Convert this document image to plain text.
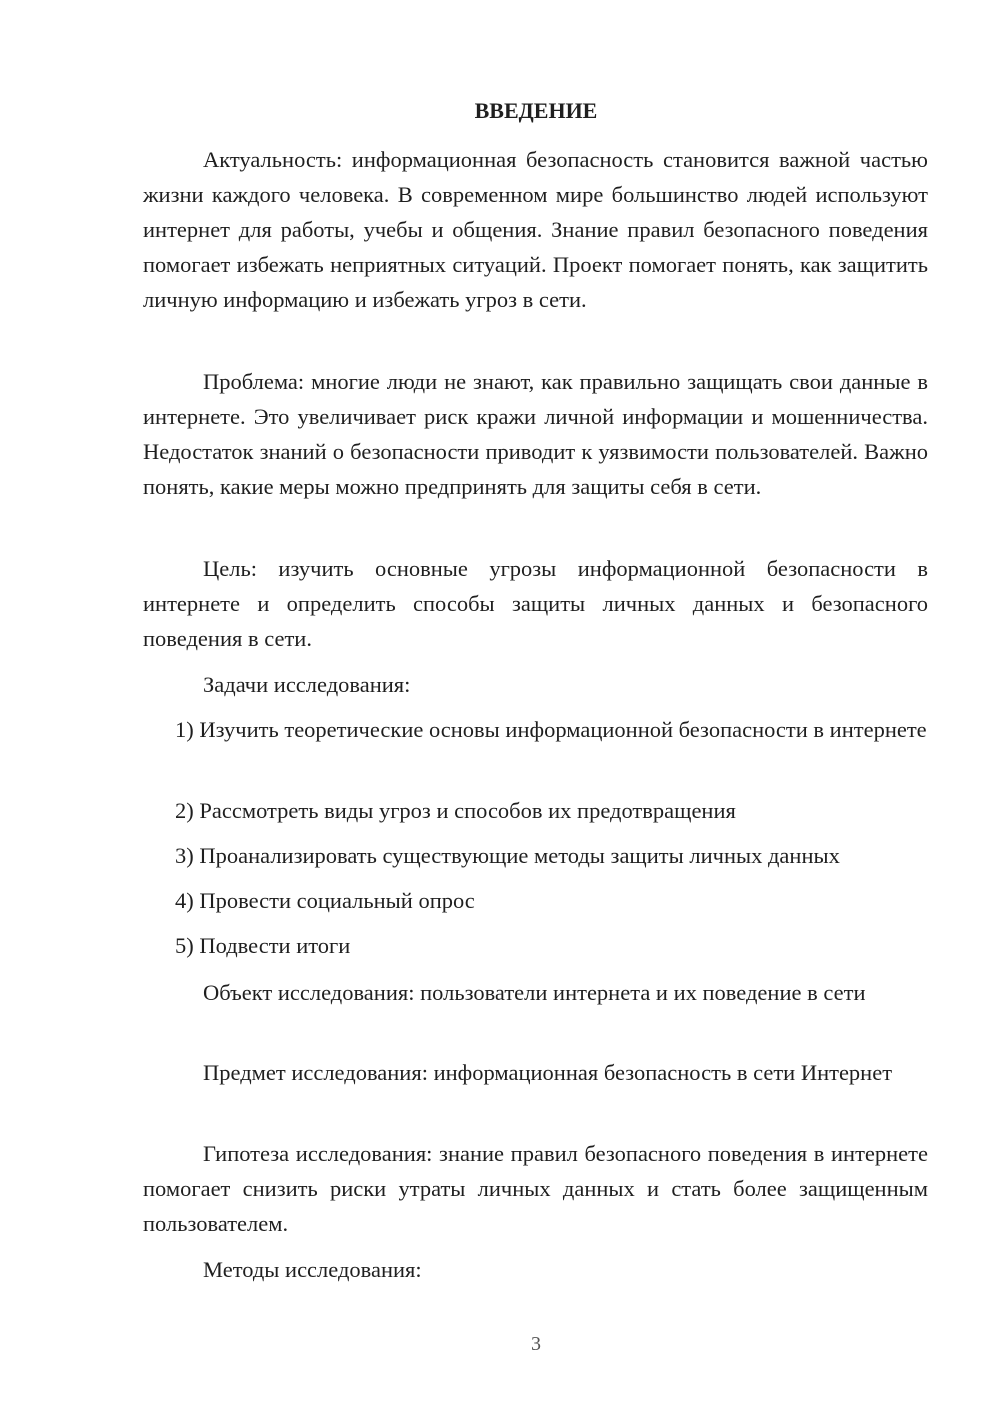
ВВЕДЕНИЕ

Актуальность: информационная безопасность становится важной частью жизни каждого человека. В современном мире большинство людей используют интернет для работы, учебы и общения. Знание правил безопасного поведения помогает избежать неприятных ситуаций. Проект помогает понять, как защитить личную информацию и избежать угроз в сети.

Проблема: многие люди не знают, как правильно защищать свои данные в интернете. Это увеличивает риск кражи личной информации и мошенничества. Недостаток знаний о безопасности приводит к уязвимости пользователей. Важно понять, какие меры можно предпринять для защиты себя в сети.

Цель: изучить основные угрозы информационной безопасности в интернете и определить способы защиты личных данных и безопасного поведения в сети.

Задачи исследования:

1) Изучить теоретические основы информационной безопасности в интернете

2) Рассмотреть виды угроз и способов их предотвращения
3) Проанализировать существующие методы защиты личных данных
4) Провести социальный опрос
5) Подвести итоги

Объект исследования: пользователи интернета и их поведение в сети

Предмет исследования: информационная безопасность в сети Интернет

Гипотеза исследования: знание правил безопасного поведения в интернете помогает снизить риски утраты личных данных и стать более защищенным пользователем.

Методы исследования:
3
